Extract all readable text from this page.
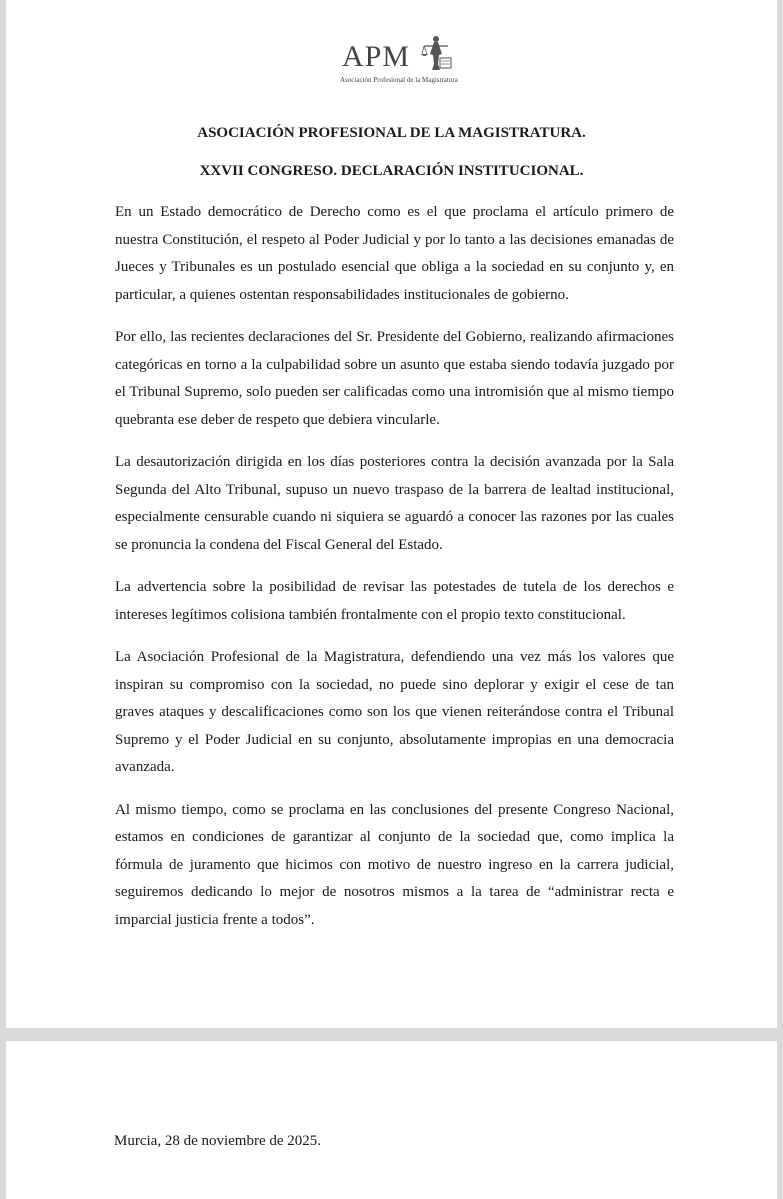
APM
Asociación Profesional de la Magistratura
ASOCIACIÓN PROFESIONAL DE LA MAGISTRATURA.
XXVII CONGRESO. DECLARACIÓN INSTITUCIONAL.

En un Estado democrático de Derecho como es el que proclama el artículo primero de nuestra Constitución, el respeto al Poder Judicial y por lo tanto a las decisiones emanadas de Jueces y Tribunales es un postulado esencial que obliga a la sociedad en su conjunto y, en particular, a quienes ostentan responsabilidades institucionales de gobierno.

Por ello, las recientes declaraciones del Sr. Presidente del Gobierno, realizando afirmaciones categóricas en torno a la culpabilidad sobre un asunto que estaba siendo todavía juzgado por el Tribunal Supremo, solo pueden ser calificadas como una intromisión que al mismo tiempo quebranta ese deber de respeto que debiera vincularle.

La desautorización dirigida en los días posteriores contra la decisión avanzada por la Sala Segunda del Alto Tribunal, supuso un nuevo traspaso de la barrera de lealtad institucional, especialmente censurable cuando ni siquiera se aguardó a conocer las razones por las cuales se pronuncia la condena del Fiscal General del Estado.

La advertencia sobre la posibilidad de revisar las potestades de tutela de los derechos e intereses legítimos colisiona también frontalmente con el propio texto constitucional.

La Asociación Profesional de la Magistratura, defendiendo una vez más los valores que inspiran su compromiso con la sociedad, no puede sino deplorar y exigir el cese de tan graves ataques y descalificaciones como son los que vienen reiterándose contra el Tribunal Supremo y el Poder Judicial en su conjunto, absolutamente impropias en una democracia avanzada.

Al mismo tiempo, como se proclama en las conclusiones del presente Congreso Nacional, estamos en condiciones de garantizar al conjunto de la sociedad que, como implica la fórmula de juramento que hicimos con motivo de nuestro ingreso en la carrera judicial, seguiremos dedicando lo mejor de nosotros mismos a la tarea de “administrar recta e imparcial justicia frente a todos”.

Murcia, 28 de noviembre de 2025.
